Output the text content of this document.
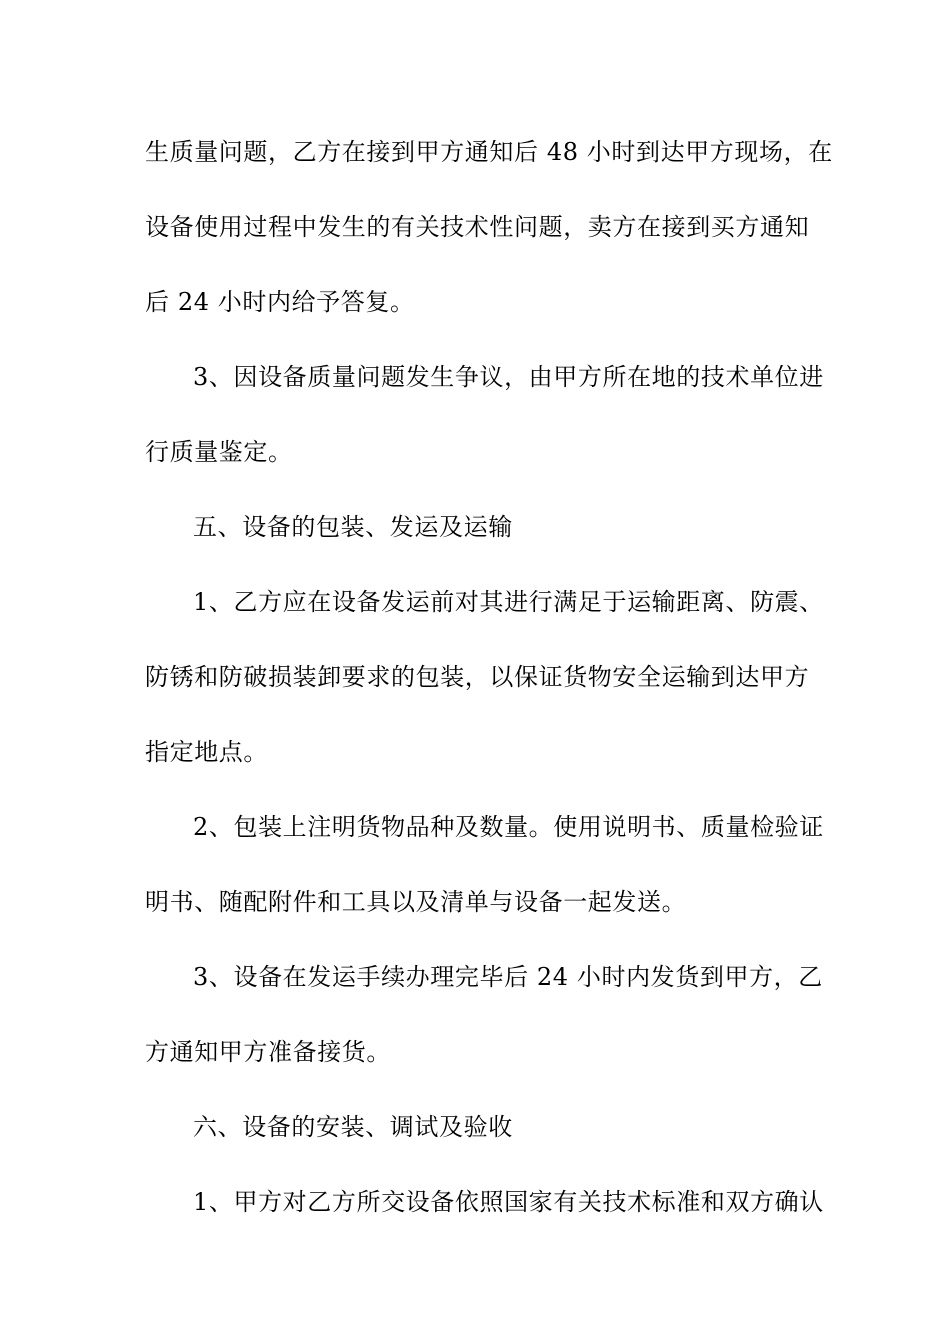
生质量问题，乙方在接到甲方通知后 48 小时到达甲方现场，在
设备使用过程中发生的有关技术性问题，卖方在接到买方通知
后 24 小时内给予答复。
3、因设备质量问题发生争议，由甲方所在地的技术单位进
行质量鉴定。
五、设备的包装、发运及运输
1、乙方应在设备发运前对其进行满足于运输距离、防震、
防锈和防破损装卸要求的包装，以保证货物安全运输到达甲方
指定地点。
2、包装上注明货物品种及数量。使用说明书、质量检验证
明书、随配附件和工具以及清单与设备一起发送。
3、设备在发运手续办理完毕后 24 小时内发货到甲方，乙
方通知甲方准备接货。
六、设备的安装、调试及验收
1、甲方对乙方所交设备依照国家有关技术标准和双方确认
